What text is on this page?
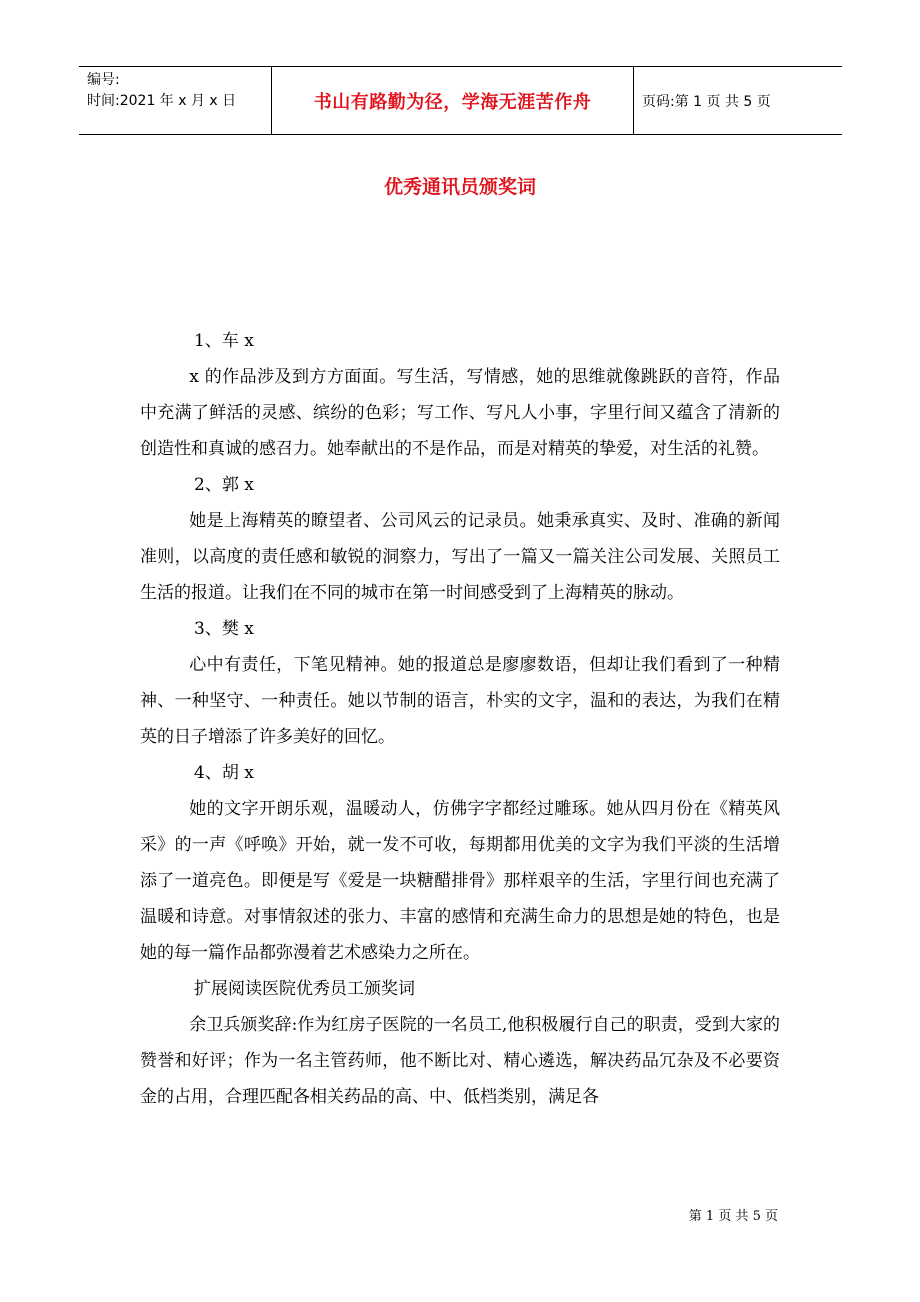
编号:
时间:2021 年 x 月 x 日	书山有路勤为径，学海无涯苦作舟	页码:第 1 页 共 5 页
优秀通讯员颁奖词

1、车 x

x 的作品涉及到方方面面。写生活，写情感，她的思维就像跳跃的音符，作品中充满了鲜活的灵感、缤纷的色彩；写工作、写凡人小事，字里行间又蕴含了清新的创造性和真诚的感召力。她奉献出的不是作品，而是对精英的挚爱，对生活的礼赞。

2、郭 x

她是上海精英的瞭望者、公司风云的记录员。她秉承真实、及时、准确的新闻准则，以高度的责任感和敏锐的洞察力，写出了一篇又一篇关注公司发展、关照员工生活的报道。让我们在不同的城市在第一时间感受到了上海精英的脉动。

3、樊 x

心中有责任，下笔见精神。她的报道总是廖廖数语，但却让我们看到了一种精神、一种坚守、一种责任。她以节制的语言，朴实的文字，温和的表达，为我们在精英的日子增添了许多美好的回忆。

4、胡 x

她的文字开朗乐观，温暖动人，仿佛字字都经过雕琢。她从四月份在《精英风采》的一声《呼唤》开始，就一发不可收，每期都用优美的文字为我们平淡的生活增添了一道亮色。即便是写《爱是一块糖醋排骨》那样艰辛的生活，字里行间也充满了温暖和诗意。对事情叙述的张力、丰富的感情和充满生命力的思想是她的特色，也是她的每一篇作品都弥漫着艺术感染力之所在。

扩展阅读医院优秀员工颁奖词

余卫兵颁奖辞:作为红房子医院的一名员工,他积极履行自己的职责，受到大家的赞誉和好评；作为一名主管药师，他不断比对、精心遴选，解决药品冗杂及不必要资金的占用，合理匹配各相关药品的高、中、低档类别，满足各

第 1 页 共 5 页
